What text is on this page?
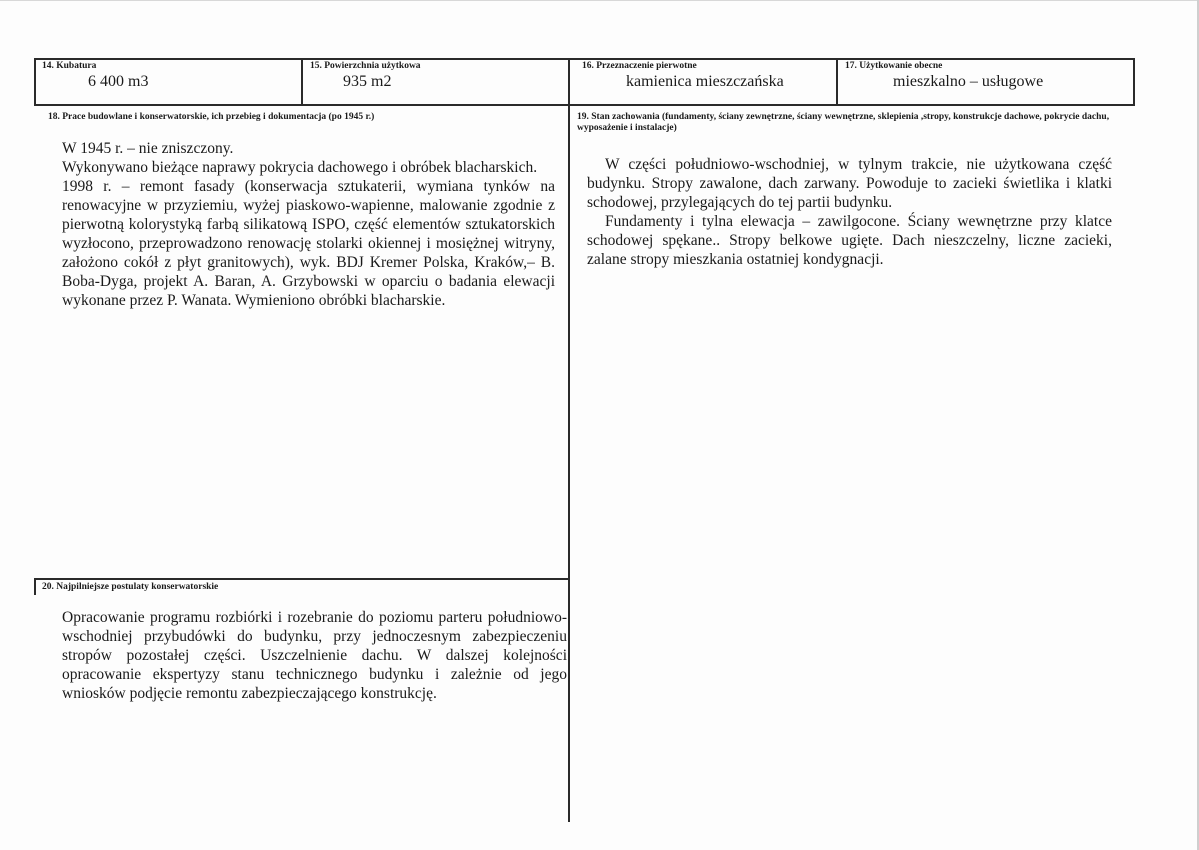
14. Kubatura
6 400 m3
15. Powierzchnia użytkowa
935 m2
16. Przeznaczenie pierwotne
kamienica mieszczańska
17. Użytkowanie obecne
mieszkalno – usługowe
18. Prace budowlane i konserwatorskie, ich przebieg i dokumentacja (po 1945 r.)

W 1945 r. – nie zniszczony.

Wykonywano bieżące naprawy pokrycia dachowego i obróbek blacharskich.

1998 r. – remont fasady (konserwacja sztukaterii, wymiana tynków na renowacyjne w przyziemiu, wyżej piaskowo-wapienne, malowanie zgodnie z pierwotną kolorystyką farbą silikatową ISPO, część elementów sztukatorskich wyzłocono, przeprowadzono renowację stolarki okiennej i mosiężnej witryny, założono cokół z płyt granitowych), wyk. BDJ Kremer Polska, Kraków,– B. Boba-Dyga, projekt A. Baran, A. Grzybowski w oparciu o badania elewacji wykonane przez P. Wanata. Wymieniono obróbki blacharskie.

19. Stan zachowania (fundamenty, ściany zewnętrzne, ściany wewnętrzne, sklepienia ,stropy, konstrukcje dachowe, pokrycie dachu, wyposażenie i instalacje)

W części południowo-wschodniej, w tylnym trakcie, nie użytkowana część budynku. Stropy zawalone, dach zarwany. Powoduje to zacieki świetlika i klatki schodowej, przylegających do tej partii budynku.

Fundamenty i tylna elewacja – zawilgocone. Ściany wewnętrzne przy klatce schodowej spękane.. Stropy belkowe ugięte. Dach nieszczelny, liczne zacieki, zalane stropy mieszkania ostatniej kondygnacji.

20. Najpilniejsze postulaty konserwatorskie
Opracowanie programu rozbiórki i rozebranie do poziomu parteru południowo-wschodniej przybudówki do budynku, przy jednoczesnym zabezpieczeniu stropów pozostałej części. Uszczelnienie dachu. W dalszej kolejności opracowanie ekspertyzy stanu technicznego budynku i zależnie od jego wniosków podjęcie remontu zabezpieczającego konstrukcję.
